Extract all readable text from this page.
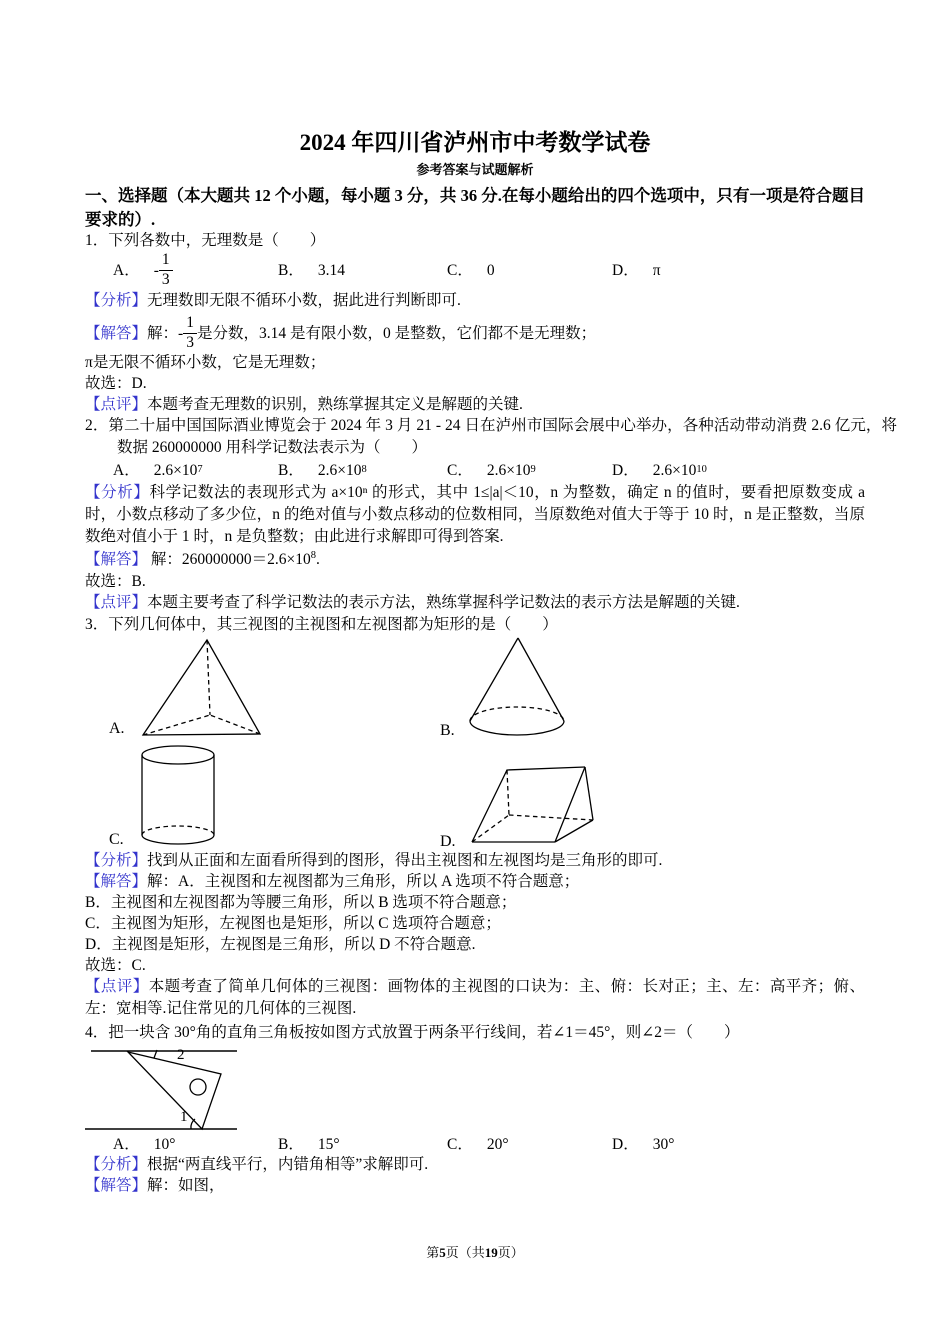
2024 年四川省泸州市中考数学试卷
参考答案与试题解析
一、选择题（本大题共 12 个小题，每小题 3 分，共 36 分.在每小题给出的四个选项中，只有一项是符合题目要求的）.
1．下列各数中，无理数是（　　）
A． - $\frac{1}{3}$	B． 3.14	C． 0	D． π
【分析】无理数即无限不循环小数，据此进行判断即可.
【解答】 解：- $\frac{1}{3}$ 是分数，3.14 是有限小数，0 是整数，它们都不是无理数；
π是无限不循环小数，它是无理数；
故选：D.
【点评】本题考查无理数的识别，熟练掌握其定义是解题的关键.
2．第二十届中国国际酒业博览会于 2024 年 3 月 21 - 24 日在泸州市国际会展中心举办，各种活动带动消费 2.6 亿元，将数据 260000000 用科学记数法表示为（　　）
A． 2.6×10 7	B． 2.6×10 8	C． 2.6×10 9	D． 2.6×10 10
【分析】科学记数法的表现形式为 a×10ⁿ 的形式，其中 1≤|a|＜10，n 为整数，确定 n 的值时，要看把原数变成 a 时，小数点移动了多少位，n 的绝对值与小数点移动的位数相同，当原数绝对值大于等于 10 时，n 是正整数，当原数绝对值小于 1 时，n 是负整数；由此进行求解即可得到答案.
【解答】 解：$260000000=2.6\times 10^8$.
故选：B.
【点评】本题主要考查了科学记数法的表示方法，熟练掌握科学记数法的表示方法是解题的关键.
3．下列几何体中，其三视图的主视图和左视图都为矩形的是（　　）
A.	B.
C.	D.
【分析】找到从正面和左面看所得到的图形，得出主视图和左视图均是三角形的即可.
【解答】解：A．主视图和左视图都为三角形，所以 A 选项不符合题意；
B．主视图和左视图都为等腰三角形，所以 B 选项不符合题意；
C．主视图为矩形，左视图也是矩形，所以 C 选项符合题意；
D．主视图是矩形，左视图是三角形，所以 D 不符合题意.
故选：C.
【点评】本题考查了简单几何体的三视图：画物体的主视图的口诀为：主、俯：长对正；主、左：高平齐；俯、左：宽相等.记住常见的几何体的三视图.
4．把一块含 30°角的直角三角板按如图方式放置于两条平行线间，若∠1＝45°，则∠2＝（　　）
2
1
A． 10°	B． 15°	C． 20°	D． 30°
【分析】根据“两直线平行，内错角相等”求解即可.
【解答】解：如图，
第5页（共19页）
